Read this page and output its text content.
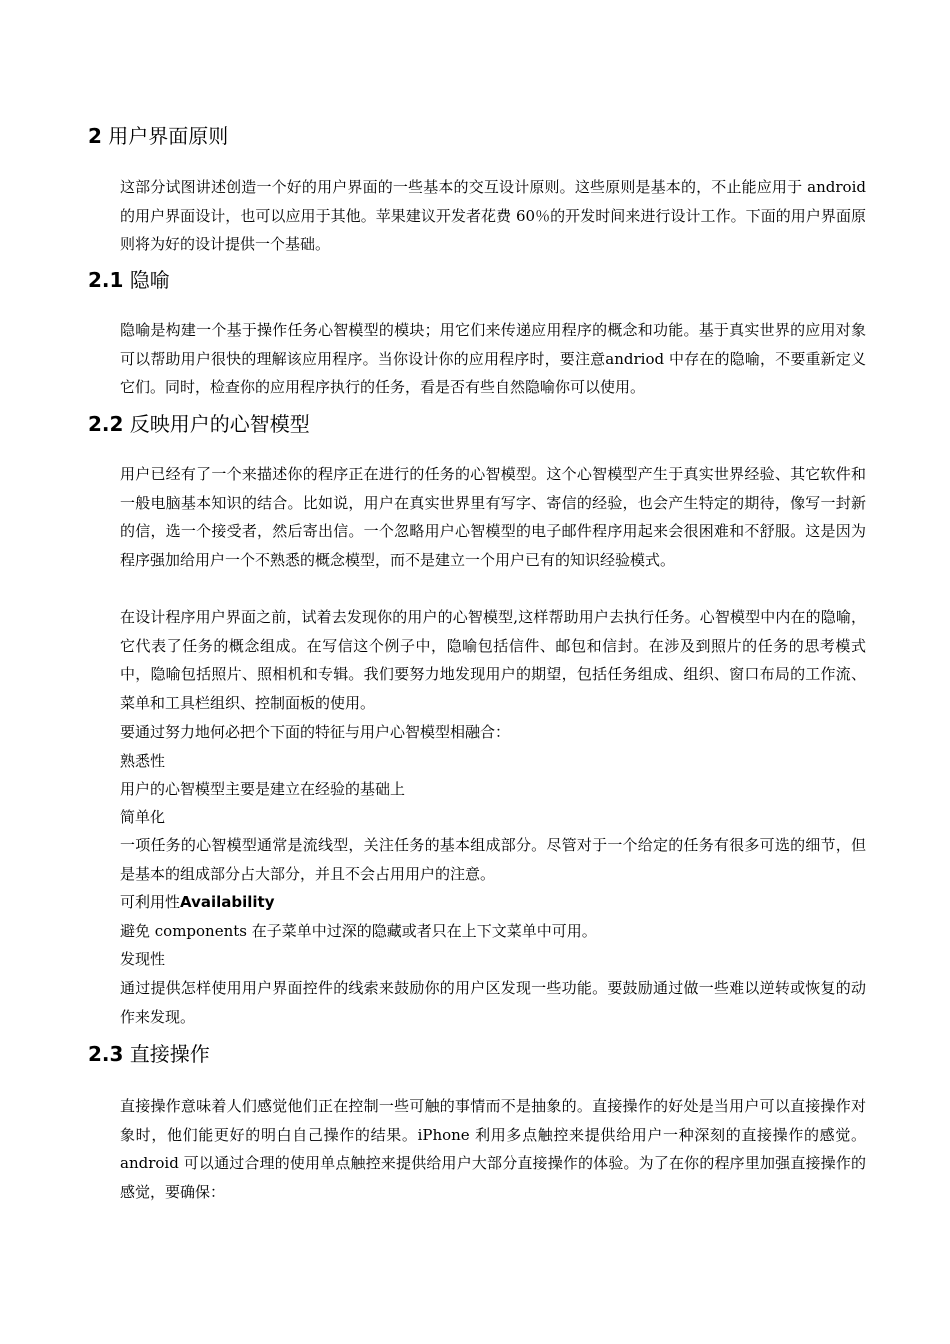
2 用户界面原则

这部分试图讲述创造一个好的用户界面的一些基本的交互设计原则。这些原则是基本的，不止能应用于 android 的用户界面设计，也可以应用于其他。苹果建议开发者花费 60％的开发时间来进行设计工作。下面的用户界面原则将为好的设计提供一个基础。

2.1 隐喻

隐喻是构建一个基于操作任务心智模型的模块；用它们来传递应用程序的概念和功能。基于真实世界的应用对象可以帮助用户很快的理解该应用程序。当你设计你的应用程序时，要注意andriod 中存在的隐喻，不要重新定义它们。同时，检查你的应用程序执行的任务，看是否有些自然隐喻你可以使用。

2.2 反映用户的心智模型

用户已经有了一个来描述你的程序正在进行的任务的心智模型。这个心智模型产生于真实世界经验、其它软件和一般电脑基本知识的结合。比如说，用户在真实世界里有写字、寄信的经验，也会产生特定的期待，像写一封新的信，选一个接受者，然后寄出信。一个忽略用户心智模型的电子邮件程序用起来会很困难和不舒服。这是因为程序强加给用户一个不熟悉的概念模型，而不是建立一个用户已有的知识经验模式。

在设计程序用户界面之前，试着去发现你的用户的心智模型,这样帮助用户去执行任务。心智模型中内在的隐喻，它代表了任务的概念组成。在写信这个例子中，隐喻包括信件、邮包和信封。在涉及到照片的任务的思考模式中，隐喻包括照片、照相机和专辑。我们要努力地发现用户的期望，包括任务组成、组织、窗口布局的工作流、菜单和工具栏组织、控制面板的使用。

要通过努力地何必把个下面的特征与用户心智模型相融合：

熟悉性

用户的心智模型主要是建立在经验的基础上

简单化

一项任务的心智模型通常是流线型，关注任务的基本组成部分。尽管对于一个给定的任务有很多可选的细节，但是基本的组成部分占大部分，并且不会占用用户的注意。

可利用性Availability

避免 components 在子菜单中过深的隐藏或者只在上下文菜单中可用。

发现性

通过提供怎样使用用户界面控件的线索来鼓励你的用户区发现一些功能。要鼓励通过做一些难以逆转或恢复的动作来发现。

2.3 直接操作

直接操作意味着人们感觉他们正在控制一些可触的事情而不是抽象的。直接操作的好处是当用户可以直接操作对象时，他们能更好的明白自己操作的结果。iPhone 利用多点触控来提供给用户一种深刻的直接操作的感觉。android 可以通过合理的使用单点触控来提供给用户大部分直接操作的体验。为了在你的程序里加强直接操作的感觉，要确保：
